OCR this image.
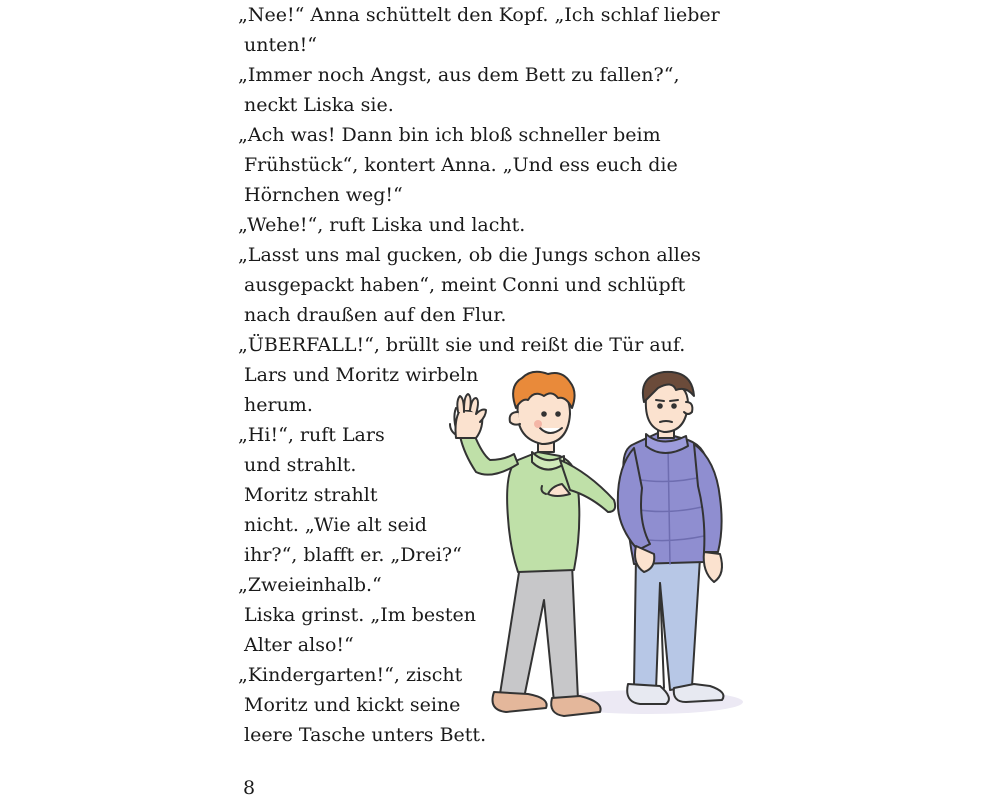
„Nee!“ Anna schüttelt den Kopf. „Ich schlaf lieber
unten!“
„Immer noch Angst, aus dem Bett zu fallen?“,
neckt Liska sie.
„Ach was! Dann bin ich bloß schneller beim
Frühstück“, kontert Anna. „Und ess euch die
Hörnchen weg!“
„Wehe!“, ruft Liska und lacht.
„Lasst uns mal gucken, ob die Jungs schon alles
ausgepackt haben“, meint Conni und schlüpft
nach draußen auf den Flur.
„ÜBERFALL!“, brüllt sie und reißt die Tür auf.
Lars und Moritz wirbeln
herum.
„Hi!“, ruft Lars
und strahlt.
Moritz strahlt
nicht. „Wie alt seid
ihr?“, blafft er. „Drei?“
„Zweieinhalb.“
Liska grinst. „Im besten
Alter also!“
„Kindergarten!“, zischt
Moritz und kickt seine
leere Tasche unters Bett.
8
